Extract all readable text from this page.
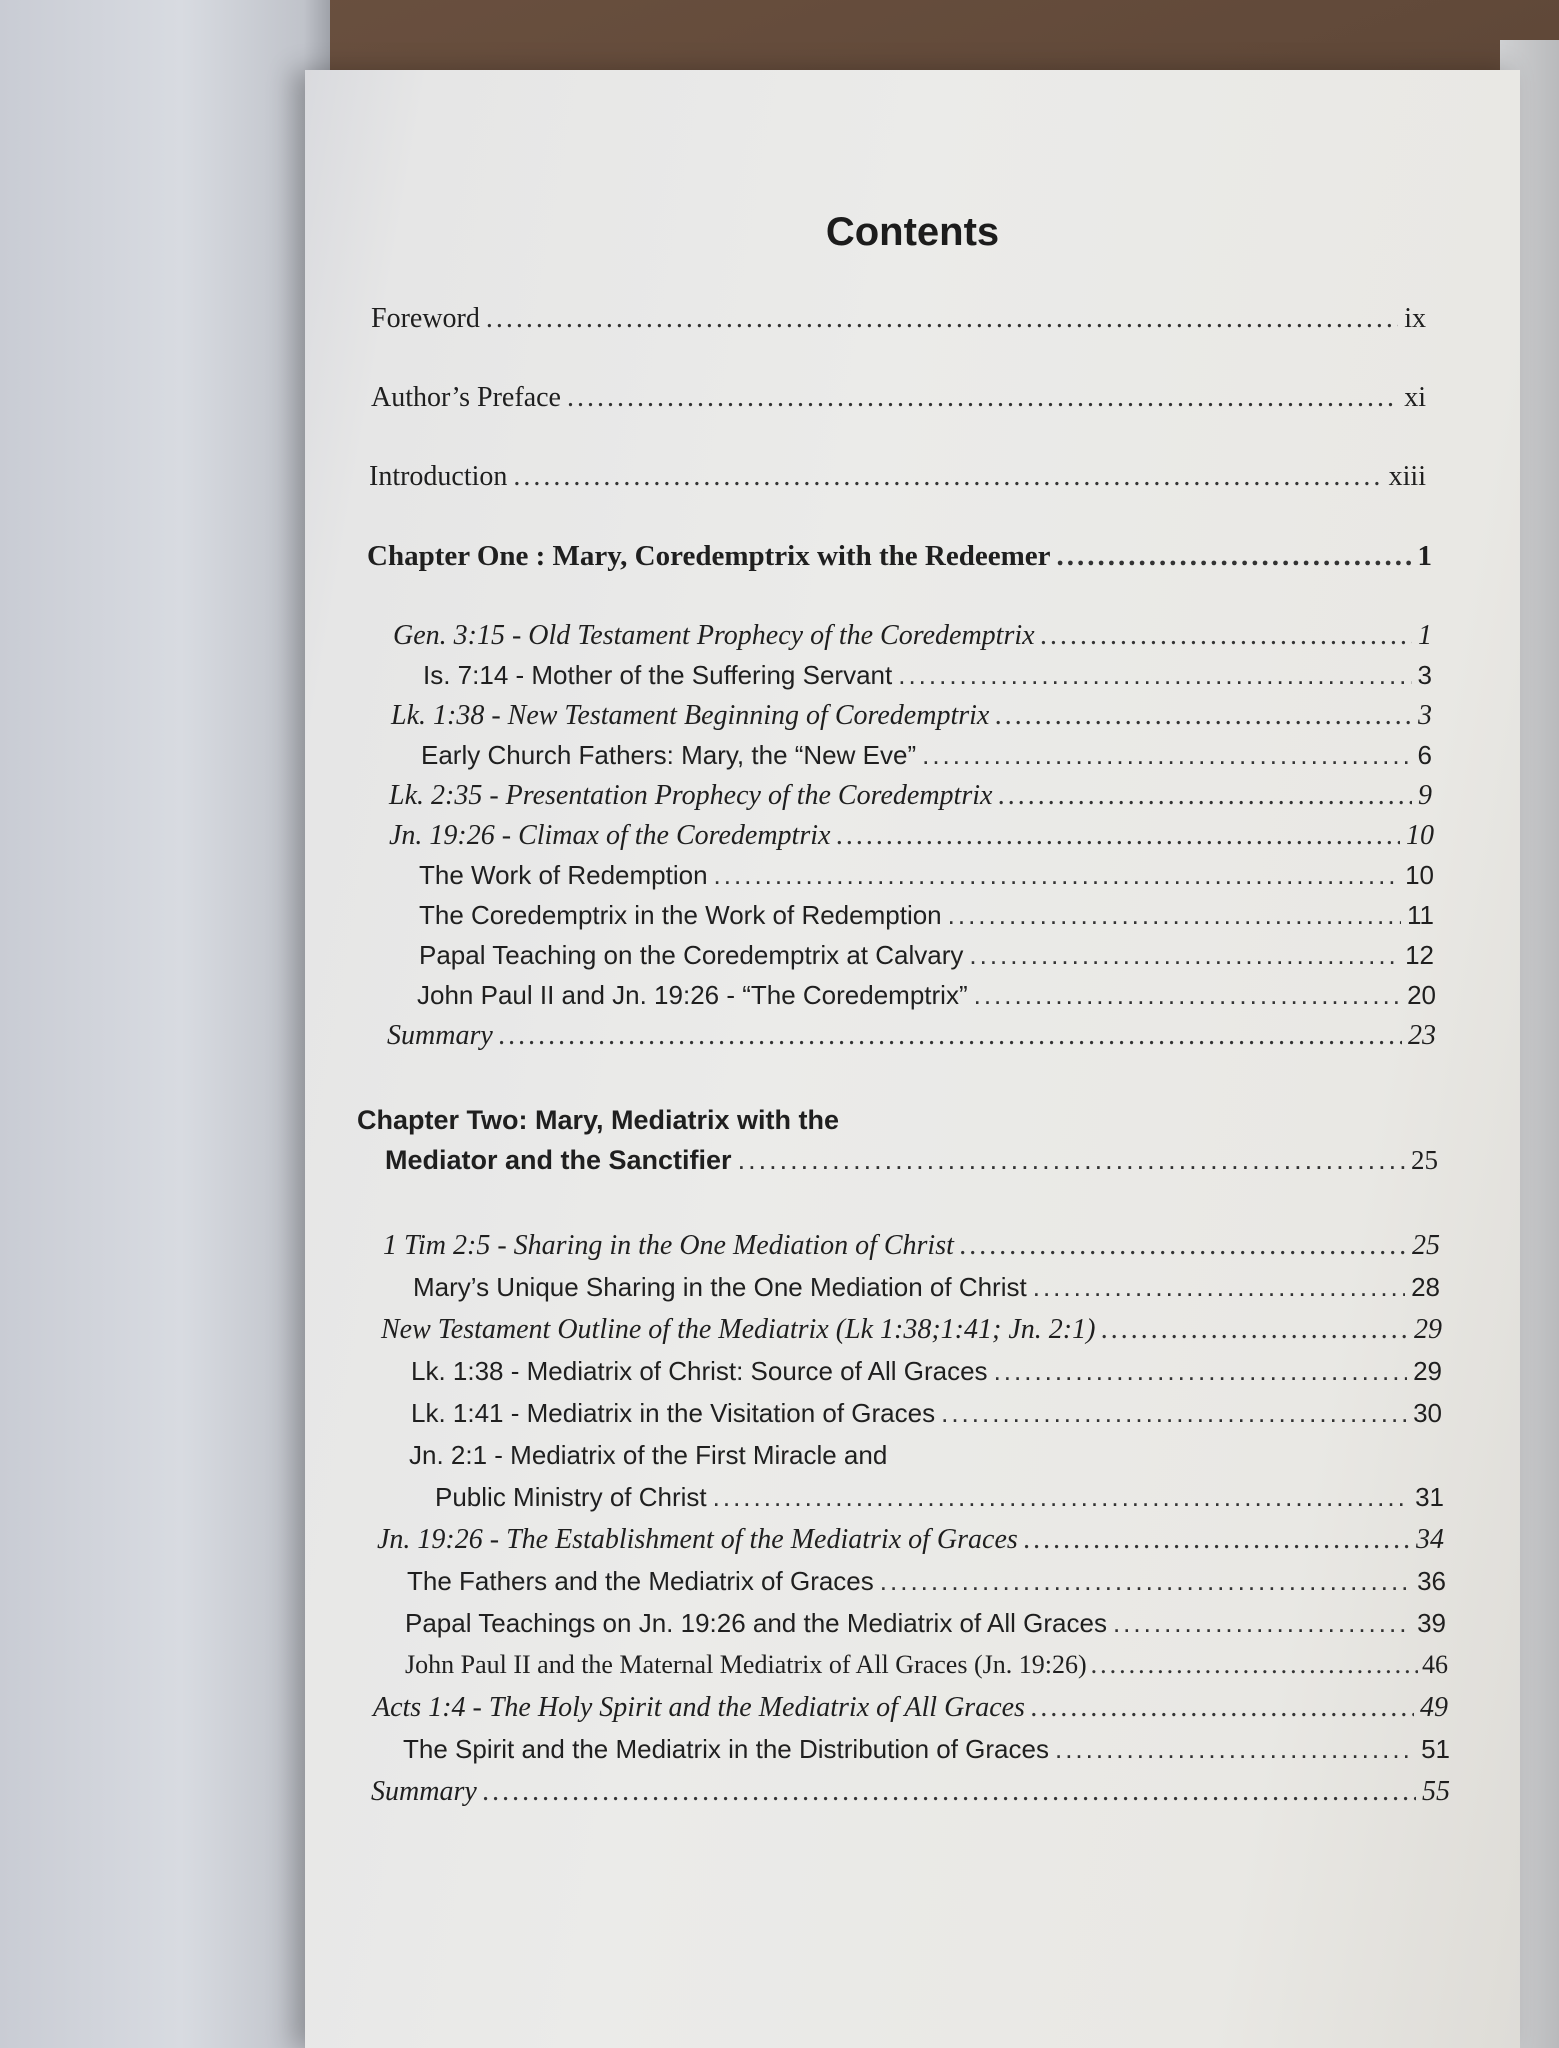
Contents
Foreword .....	ix
Author’s Preface .....	xi
Introduction .....	xiii
Chapter One : Mary, Coredemptrix with the Redeemer .....	1
Gen. 3:15 - Old Testament Prophecy of the Coredemptrix .....	1
Is. 7:14 - Mother of the Suffering Servant .....	3
Lk. 1:38 - New Testament Beginning of Coredemptrix .....	3
Early Church Fathers: Mary, the “New Eve” .....	6
Lk. 2:35 - Presentation Prophecy of the Coredemptrix .....	9
Jn. 19:26 - Climax of the Coredemptrix .....	10
The Work of Redemption .....	10
The Coredemptrix in the Work of Redemption .....	11
Papal Teaching on the Coredemptrix at Calvary .....	12
John Paul II and Jn. 19:26 - “The Coredemptrix” .....	20
Summary .....	23
Chapter Two: Mary, Mediatrix with the
Mediator and the Sanctifier .....	25
1 Tim 2:5 - Sharing in the One Mediation of Christ .....	25
Mary’s Unique Sharing in the One Mediation of Christ .....	28
New Testament Outline of the Mediatrix (Lk 1:38;1:41; Jn. 2:1) .....	29
Lk. 1:38 - Mediatrix of Christ: Source of All Graces .....	29
Lk. 1:41 - Mediatrix in the Visitation of Graces .....	30
Jn. 2:1 - Mediatrix of the First Miracle and
Public Ministry of Christ .....	31
Jn. 19:26 - The Establishment of the Mediatrix of Graces .....	34
The Fathers and the Mediatrix of Graces .....	36
Papal Teachings on Jn. 19:26 and the Mediatrix of All Graces .....	39
John Paul II and the Maternal Mediatrix of All Graces (Jn. 19:26) .....	46
Acts 1:4 - The Holy Spirit and the Mediatrix of All Graces .....	49
The Spirit and the Mediatrix in the Distribution of Graces .....	51
Summary .....	55
